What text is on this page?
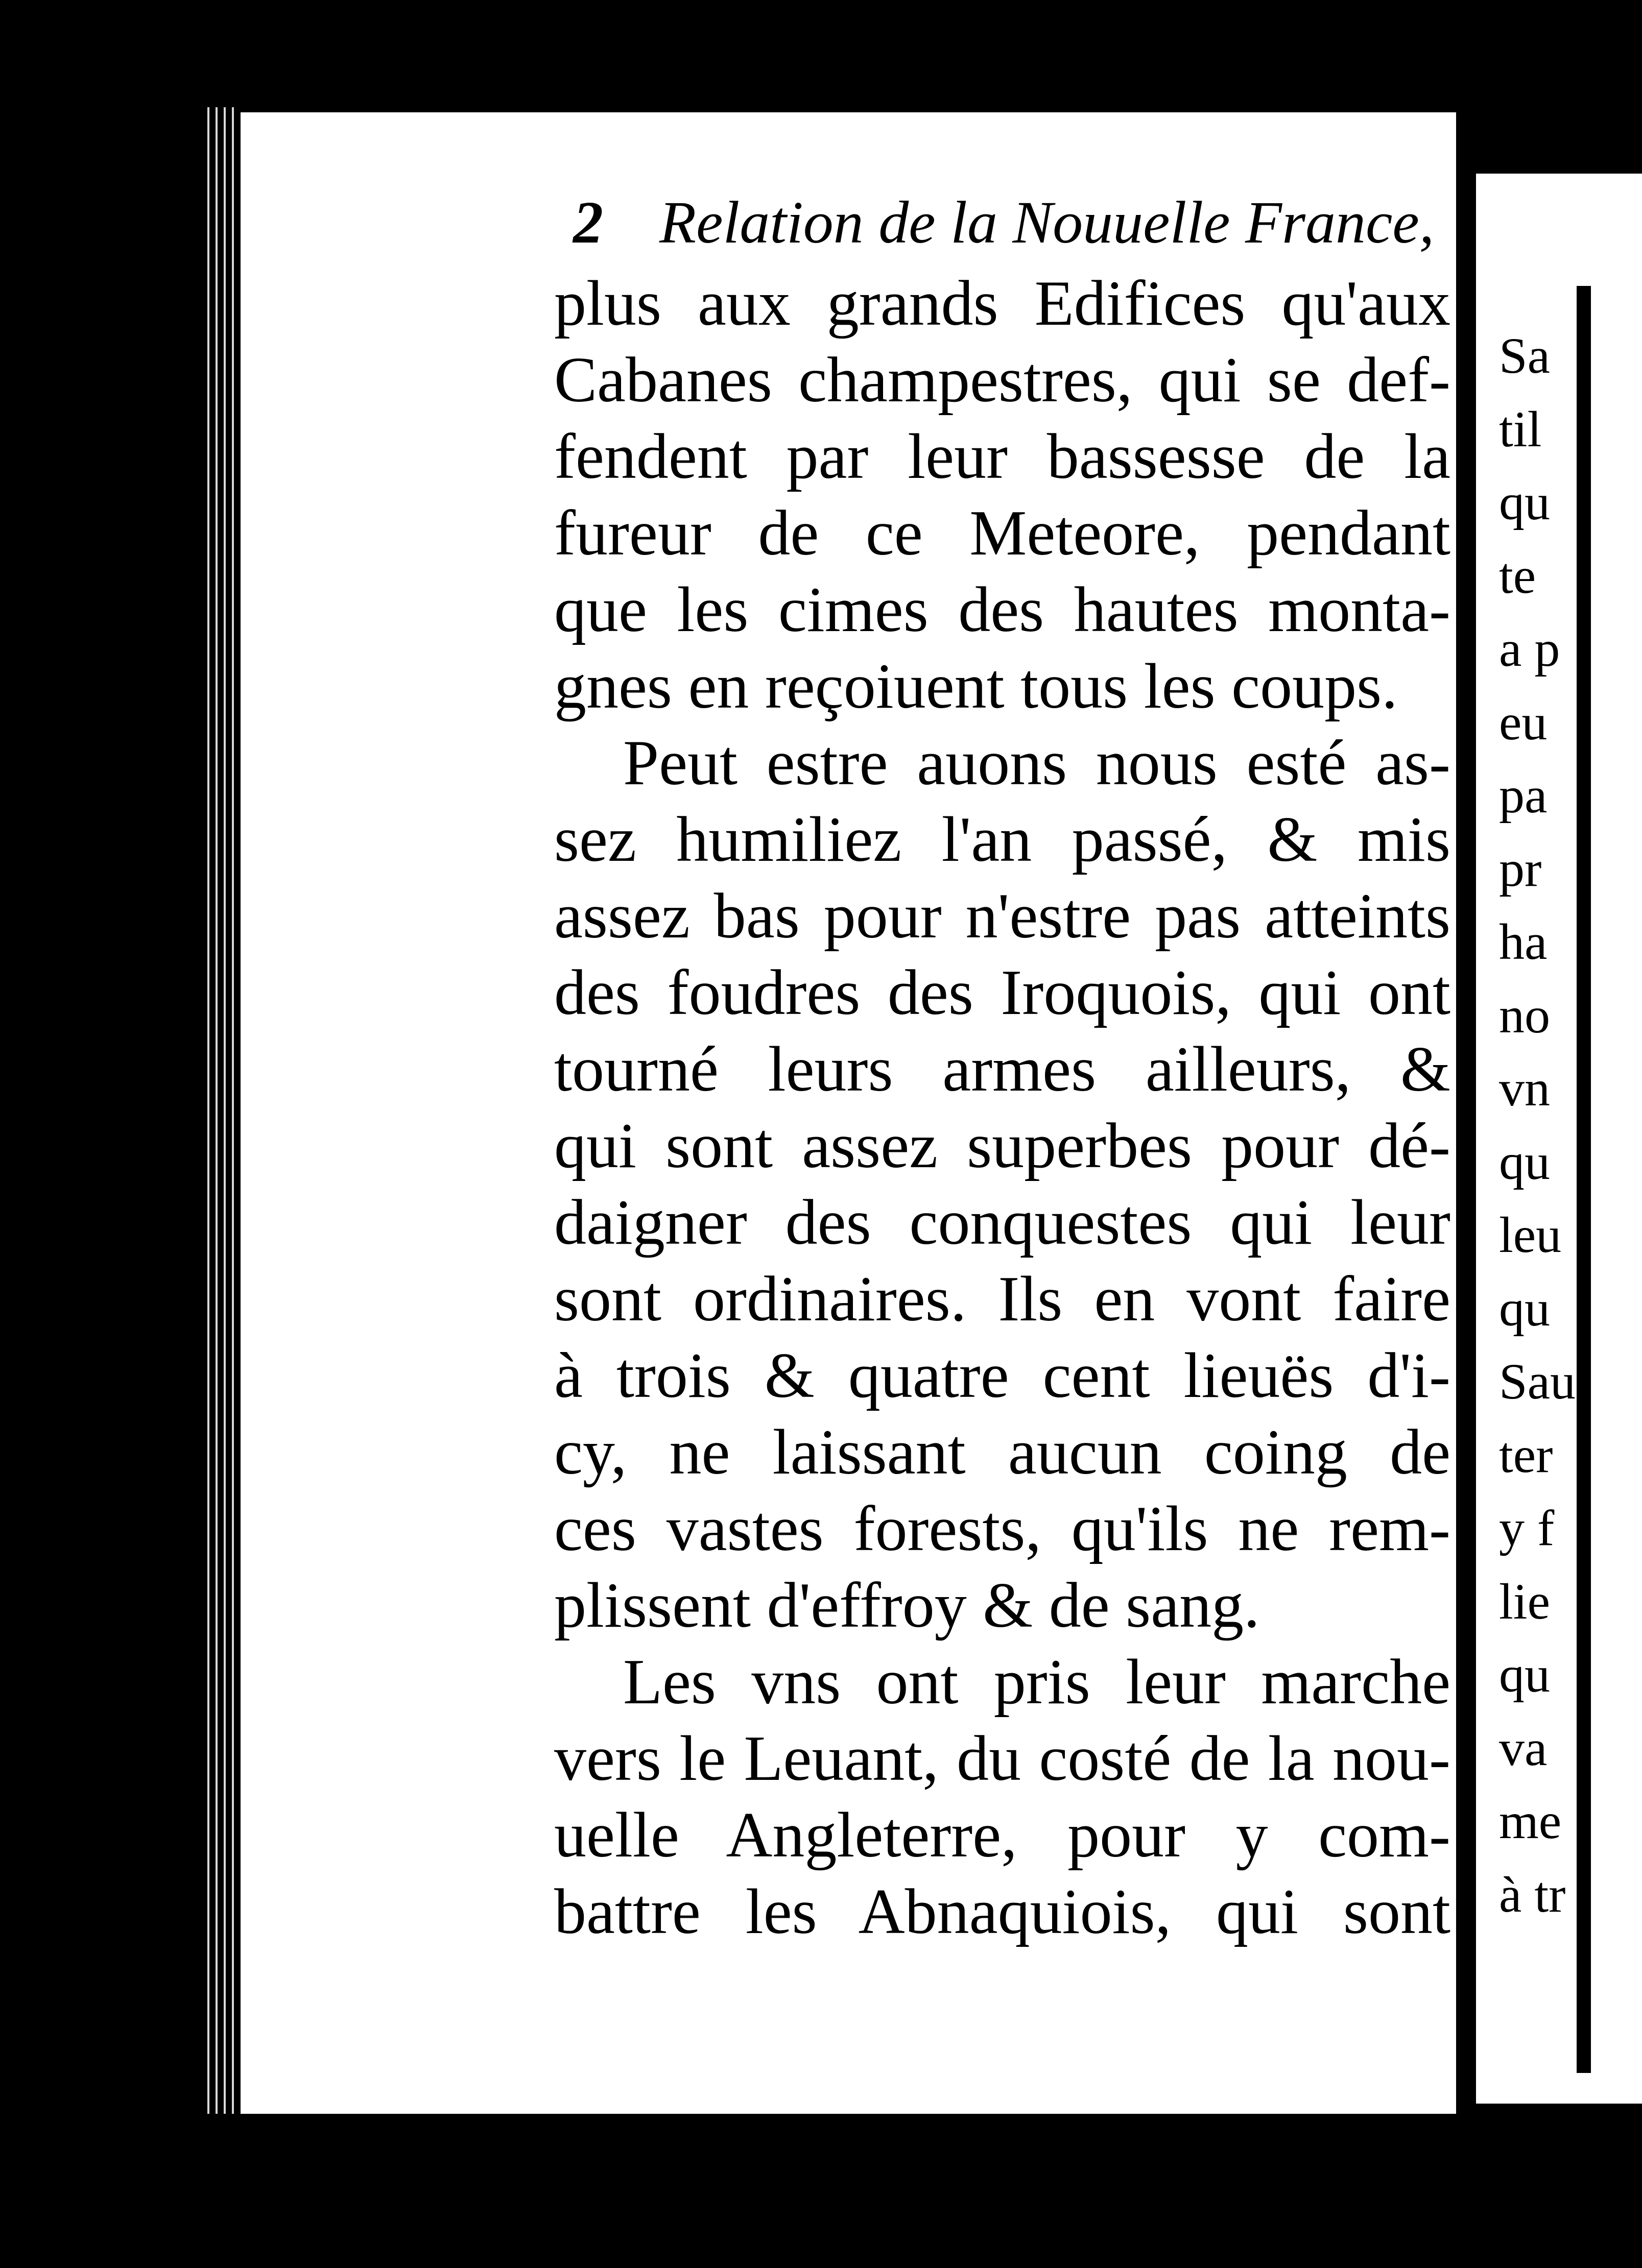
2 Relation de la Nouuelle France,
plus aux grands Edifices qu'aux
Cabanes champestres, qui se def-
fendent par leur bassesse de la
fureur de ce Meteore, pendant
que les cimes des hautes monta-
gnes en reçoiuent tous les coups.
Peut estre auons nous esté as-
sez humiliez l'an passé, & mis
assez bas pour n'estre pas atteints
des foudres des Iroquois, qui ont
tourné leurs armes ailleurs, &
qui sont assez superbes pour dé-
daigner des conquestes qui leur
sont ordinaires. Ils en vont faire
à trois & quatre cent lieuës d'i-
cy, ne laissant aucun coing de
ces vastes forests, qu'ils ne rem-
plissent d'effroy & de sang.
Les vns ont pris leur marche
vers le Leuant, du costé de la nou-
uelle Angleterre, pour y com-
battre les Abnaquiois, qui sont
Sa
til
qu
te
a p
eu
pa
pr
ha
no
vn
qu
leu
qu
Sau
ter
y f
lie
qu
va
me
à tr
